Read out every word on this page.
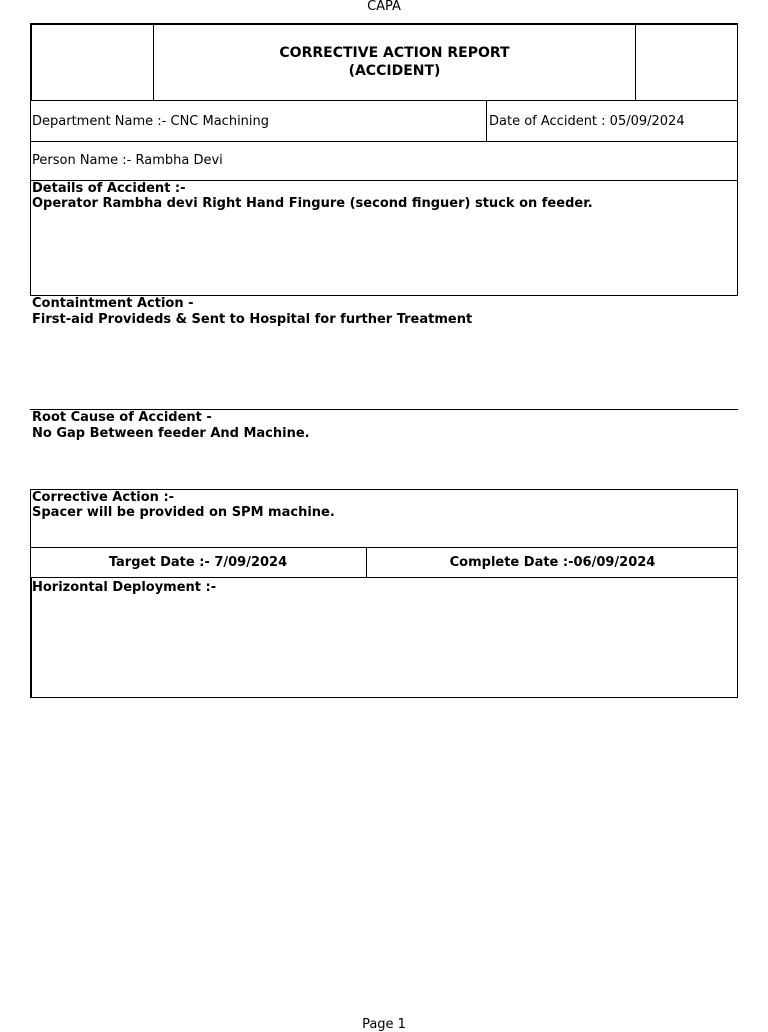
CAPA
CORRECTIVE ACTION REPORT
(ACCIDENT)
Department Name :- CNC Machining	Date of Accident : 05/09/2024
Person Name :- Rambha Devi
Details of Accident :-
Operator Rambha devi Right Hand Fingure (second finguer) stuck on feeder.
Containtment Action -
First-aid Provideds & Sent to Hospital for further Treatment
Root Cause of Accident -
No Gap Between feeder And Machine.
Corrective Action :-
Spacer will be provided on SPM machine.
Target Date :- 7/09/2024	Complete Date :-06/09/2024
Horizontal Deployment :-
Page 1
